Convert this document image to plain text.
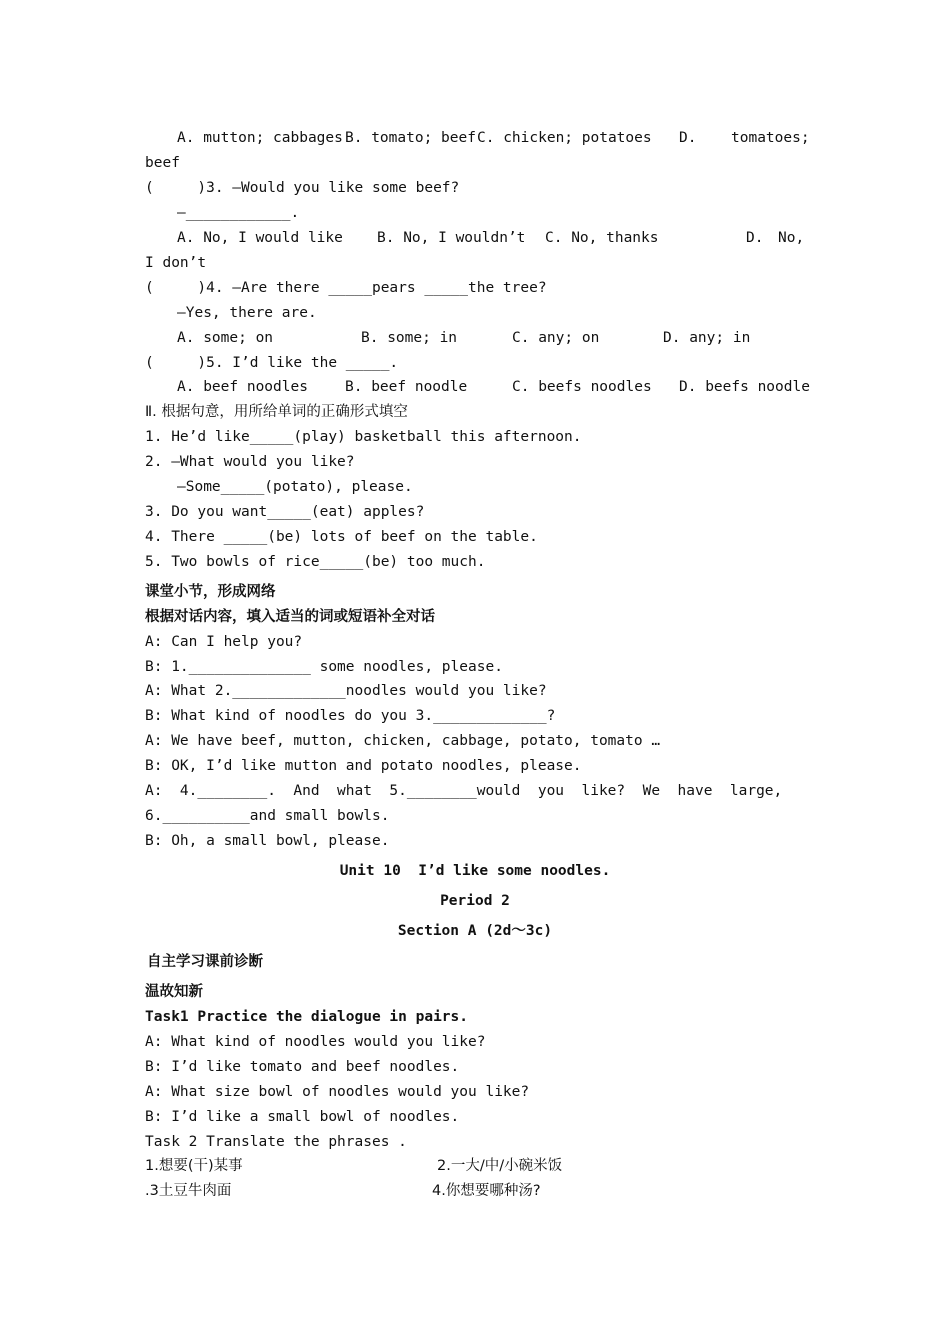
A. mutton; cabbages B. tomato; beef C. chicken; potatoes D. tomatoes;
beef
(     )3. —Would you like some beef?
—____________.
A. No, I would like B. No, I wouldn’t C. No, thanks	D. No,
I don’t
(     )4. —Are there _____pears _____the tree?
—Yes, there are.
A. some; on	B. some; in	C. any; on	D. any; in
(     )5. I’d like the _____.
A. beef noodles	B. beef noodle	C. beefs noodles D. beefs noodle
Ⅱ. 根据句意，用所给单词的正确形式填空
1. He’d like_____(play) basketball this afternoon.
2. —What would you like?
—Some_____(potato), please.
3. Do you want_____(eat) apples?
4. There _____(be) lots of beef on the table.
5. Two bowls of rice_____(be) too much.
课堂小节，形成网络
根据对话内容，填入适当的词或短语补全对话
A: Can I help you?
B: 1.______________ some noodles, please.
A: What 2._____________noodles would you like?
B: What kind of noodles do you 3._____________?
A: We have beef, mutton, chicken, cabbage, potato, tomato …
B: OK, I’d like mutton and potato noodles, please.
A:  4.________.  And  what  5.________would  you  like?  We  have  large,
6.__________and small bowls.
B: Oh, a small bowl, please.
Unit 10  I’d like some noodles.
Period 2
Section A (2d～3c)
自主学习课前诊断
温故知新
Task1 Practice the dialogue in pairs.
A: What kind of noodles would you like?
B: I’d like tomato and beef noodles.
A: What size bowl of noodles would you like?
B: I’d like a small bowl of noodles.
Task 2 Translate the phrases .
1.想要(干)某事	2.一大/中/小碗米饭
.3土豆牛肉面	4.你想要哪种汤?
